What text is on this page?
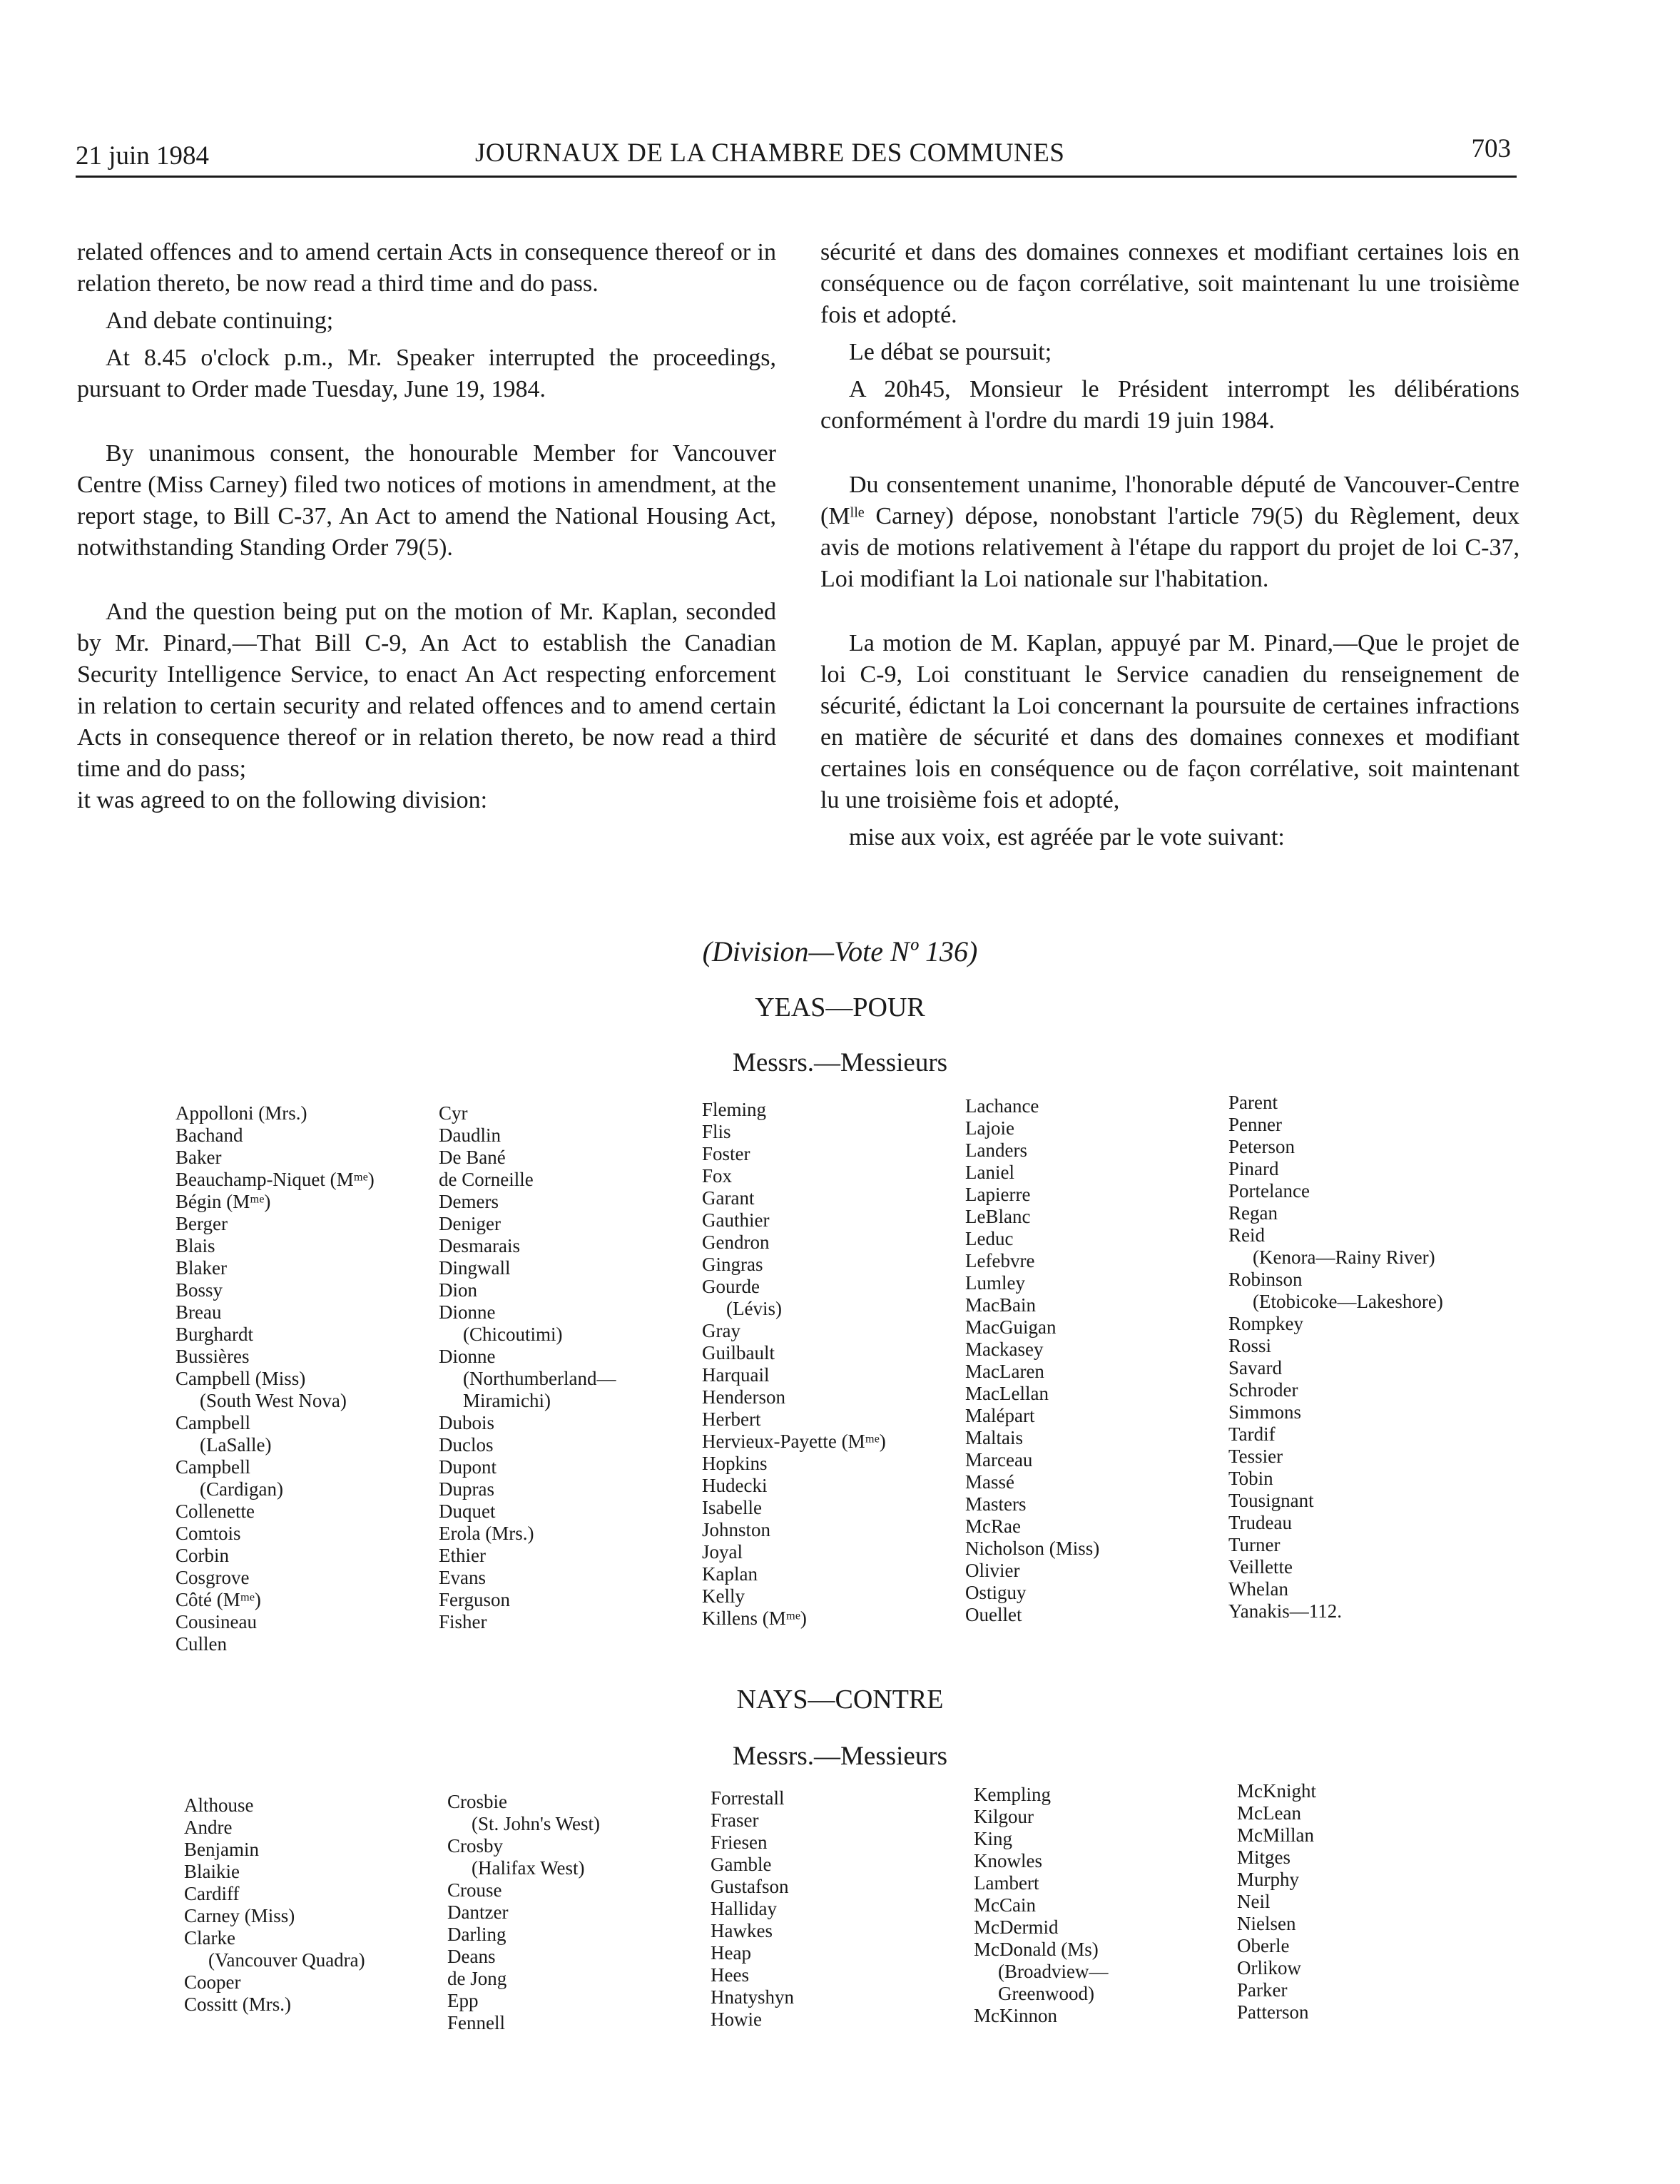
21 juin 1984	JOURNAUX DE LA CHAMBRE DES COMMUNES	703

related offences and to amend certain Acts in consequence thereof or in relation thereto, be now read a third time and do pass.

And debate continuing;

At 8.45 o'clock p.m., Mr. Speaker interrupted the proceedings, pursuant to Order made Tuesday, June 19, 1984.

By unanimous consent, the honourable Member for Vancouver Centre (Miss Carney) filed two notices of motions in amendment, at the report stage, to Bill C-37, An Act to amend the National Housing Act, notwithstanding Standing Order 79(5).

And the question being put on the motion of Mr. Kaplan, seconded by Mr. Pinard,—That Bill C-9, An Act to establish the Canadian Security Intelligence Service, to enact An Act respecting enforcement in relation to certain security and related offences and to amend certain Acts in consequence thereof or in relation thereto, be now read a third time and do pass;

it was agreed to on the following division:

sécurité et dans des domaines connexes et modifiant certaines lois en conséquence ou de façon corrélative, soit maintenant lu une troisième fois et adopté.

Le débat se poursuit;

A 20h45, Monsieur le Président interrompt les délibérations conformément à l'ordre du mardi 19 juin 1984.

Du consentement unanime, l'honorable député de Vancouver-Centre (Mˡˡᵉ Carney) dépose, nonobstant l'article 79(5) du Règlement, deux avis de motions relativement à l'étape du rapport du projet de loi C-37, Loi modifiant la Loi nationale sur l'habitation.

La motion de M. Kaplan, appuyé par M. Pinard,—Que le projet de loi C-9, Loi constituant le Service canadien du renseignement de sécurité, édictant la Loi concernant la poursuite de certaines infractions en matière de sécurité et dans des domaines connexes et modifiant certaines lois en conséquence ou de façon corrélative, soit maintenant lu une troisième fois et adopté,

mise aux voix, est agréée par le vote suivant:

(Division—Vote Nº 136)
YEAS—POUR
Messrs.—Messieurs
Appolloni (Mrs.)
Bachand
Baker
Beauchamp-Niquet (Mᵐᵉ)
Bégin (Mᵐᵉ)
Berger
Blais
Blaker
Bossy
Breau
Burghardt
Bussières
Campbell (Miss)
(South West Nova)
Campbell
(LaSalle)
Campbell
(Cardigan)
Collenette
Comtois
Corbin
Cosgrove
Côté (Mᵐᵉ)
Cousineau
Cullen
Cyr
Daudlin
De Bané
de Corneille
Demers
Deniger
Desmarais
Dingwall
Dion
Dionne
(Chicoutimi)
Dionne
(Northumberland—
Miramichi)
Dubois
Duclos
Dupont
Dupras
Duquet
Erola (Mrs.)
Ethier
Evans
Ferguson
Fisher
Fleming
Flis
Foster
Fox
Garant
Gauthier
Gendron
Gingras
Gourde
(Lévis)
Gray
Guilbault
Harquail
Henderson
Herbert
Hervieux-Payette (Mᵐᵉ)
Hopkins
Hudecki
Isabelle
Johnston
Joyal
Kaplan
Kelly
Killens (Mᵐᵉ)
Lachance
Lajoie
Landers
Laniel
Lapierre
LeBlanc
Leduc
Lefebvre
Lumley
MacBain
MacGuigan
Mackasey
MacLaren
MacLellan
Malépart
Maltais
Marceau
Massé
Masters
McRae
Nicholson (Miss)
Olivier
Ostiguy
Ouellet
Parent
Penner
Peterson
Pinard
Portelance
Regan
Reid
(Kenora—Rainy River)
Robinson
(Etobicoke—Lakeshore)
Rompkey
Rossi
Savard
Schroder
Simmons
Tardif
Tessier
Tobin
Tousignant
Trudeau
Turner
Veillette
Whelan
Yanakis—112.
NAYS—CONTRE
Messrs.—Messieurs
Althouse
Andre
Benjamin
Blaikie
Cardiff
Carney (Miss)
Clarke
(Vancouver Quadra)
Cooper
Cossitt (Mrs.)
Crosbie
(St. John's West)
Crosby
(Halifax West)
Crouse
Dantzer
Darling
Deans
de Jong
Epp
Fennell
Forrestall
Fraser
Friesen
Gamble
Gustafson
Halliday
Hawkes
Heap
Hees
Hnatyshyn
Howie
Kempling
Kilgour
King
Knowles
Lambert
McCain
McDermid
McDonald (Ms)
(Broadview—
Greenwood)
McKinnon
McKnight
McLean
McMillan
Mitges
Murphy
Neil
Nielsen
Oberle
Orlikow
Parker
Patterson
